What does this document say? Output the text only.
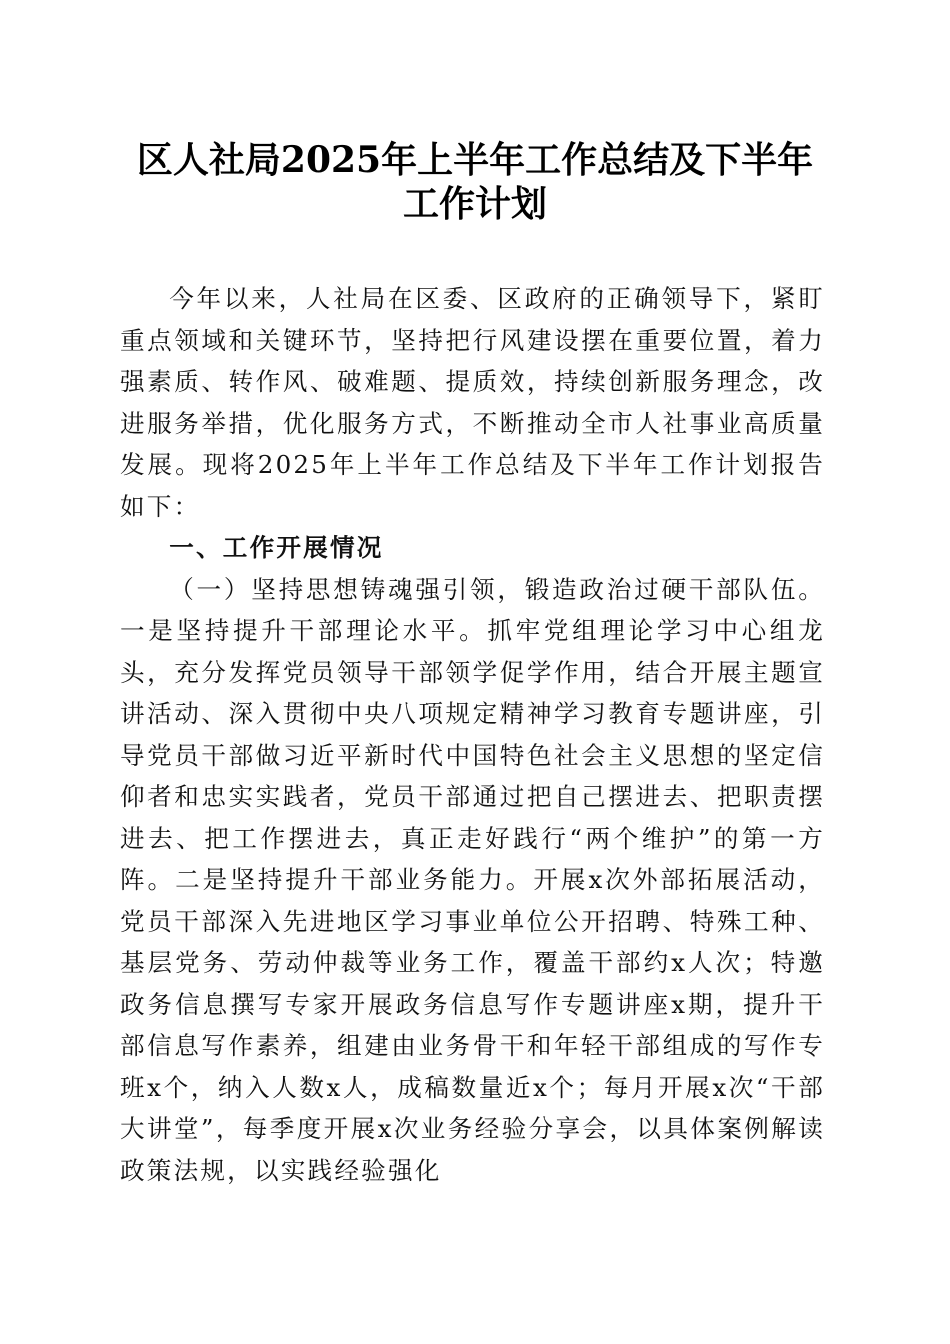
区人社局2025年上半年工作总结及下半年工作计划

今年以来，人社局在区委、区政府的正确领导下，紧盯重点领域和关键环节，坚持把行风建设摆在重要位置，着力强素质、转作风、破难题、提质效，持续创新服务理念，改进服务举措，优化服务方式，不断推动全市人社事业高质量发展。现将2025年上半年工作总结及下半年工作计划报告如下：

一、工作开展情况

（一）坚持思想铸魂强引领，锻造政治过硬干部队伍。一是坚持提升干部理论水平。抓牢党组理论学习中心组龙头，充分发挥党员领导干部领学促学作用，结合开展主题宣讲活动、深入贯彻中央八项规定精神学习教育专题讲座，引导党员干部做习近平新时代中国特色社会主义思想的坚定信仰者和忠实实践者，党员干部通过把自己摆进去、把职责摆进去、把工作摆进去，真正走好践行“两个维护”的第一方阵。二是坚持提升干部业务能力。开展x次外部拓展活动，党员干部深入先进地区学习事业单位公开招聘、特殊工种、基层党务、劳动仲裁等业务工作，覆盖干部约x人次；特邀政务信息撰写专家开展政务信息写作专题讲座x期，提升干部信息写作素养，组建由业务骨干和年轻干部组成的写作专班x个，纳入人数x人，成稿数量近x个；每月开展x次“干部大讲堂”，每季度开展x次业务经验分享会，以具体案例解读政策法规，以实践经验强化
